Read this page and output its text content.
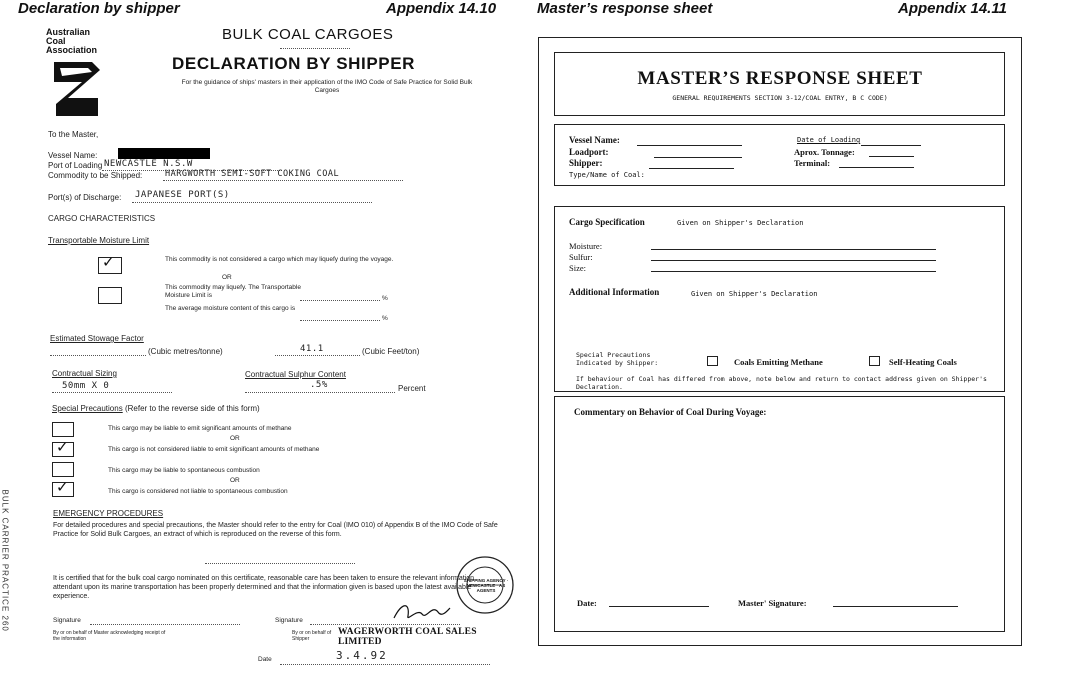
Declaration by shipper	Appendix 14.10	Master’s response sheet	Appendix 14.11
BULK CARRIER PRACTICE 260
Australian
Coal
Association
BULK COAL CARGOES
DECLARATION BY SHIPPER
For the guidance of ships' masters in their application of the IMO Code of Safe Practice for Solid Bulk Cargoes
To the Master,
Vessel Name:
Port of Loading NEWCASTLE N.S.W
Commodity to be Shipped:	HARGWORTH SEMI-SOFT COKING COAL
Port(s) of Discharge: JAPANESE PORT(S)
CARGO CHARACTERISTICS
Transportable Moisture Limit
✓	This commodity is not considered a cargo which may liquefy during the voyage.
OR
This commodity may liquefy. The Transportable Moisture Limit is	%
The average moisture content of this cargo is
%
Estimated Stowage Factor
(Cubic metres/tonne)	41.1	(Cubic Feet/ton)
Contractual Sizing
50mm X 0
Contractual Sulphur Content
.5%	Percent
Special Precautions (Refer to the reverse side of this form)
This cargo may be liable to emit significant amounts of methane
OR
✓	This cargo is not considered liable to emit significant amounts of methane
This cargo may be liable to spontaneous combustion
OR
✓	This cargo is considered not liable to spontaneous combustion
EMERGENCY PROCEDURES
For detailed procedures and special precautions, the Master should refer to the entry for Coal (IMO 010) of Appendix B of the IMO Code of Safe Practice for Solid Bulk Cargoes, an extract of which is reproduced on the reverse of this form.
It is certified that for the bulk coal cargo nominated on this certificate, reasonable care has been taken to ensure the relevant information attendant upon its marine transportation has been properly determined and that the information given is based upon the latest available experience.
Signature
By or on behalf of Master acknowledging receipt of the information
Signature
By or on behalf of Shipper
WAGERWORTH COAL SALES LIMITED
Date	3.4.92
SHIPPING AGENCY · NEWCASTLE · AS AGENTS
MASTER’S RESPONSE SHEET
GENERAL REQUIREMENTS SECTION 3-12/COAL ENTRY, B C CODE)
Vessel Name:
Loadport:
Shipper:
Type/Name of Coal:
Date of Loading
Aprox. Tonnage:
Terminal:
Cargo Specification	Given on Shipper's Declaration
Moisture:
Sulfur:
Size:
Additional Information	Given on Shipper's Declaration
Special Precautions
Indicated by Shipper:	Coals Emitting Methane	Self-Heating Coals
If behaviour of Coal has differed from above, note below and return to contact address given on Shipper's Declaration.
Commentary on Behavior of Coal During Voyage:
Date:	Master' Signature:
